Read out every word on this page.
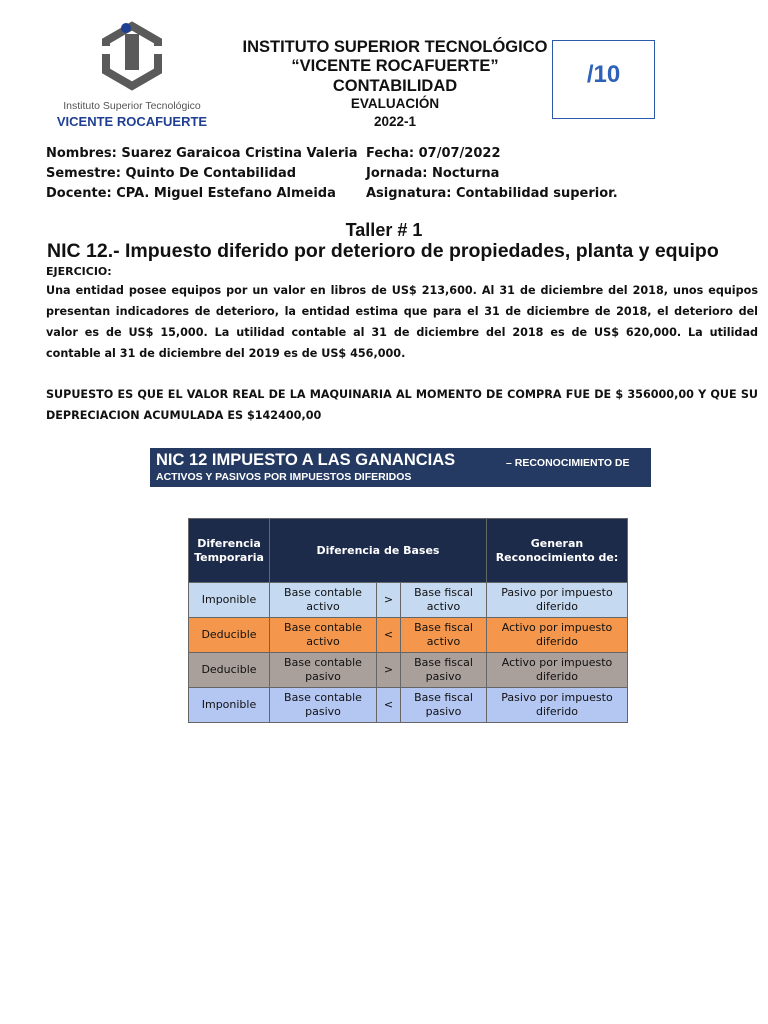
Instituto Superior Tecnológico
VICENTE ROCAFUERTE
INSTITUTO SUPERIOR TECNOLÓGICO
“VICENTE ROCAFUERTE”
CONTABILIDAD
EVALUACIÓN
2022-1
/10
Nombres: Suarez Garaicoa Cristina Valeria
Semestre: Quinto De Contabilidad
Docente: CPA. Miguel Estefano Almeida
Fecha: 07/07/2022
Jornada: Nocturna
Asignatura: Contabilidad superior.
Taller # 1
NIC 12.- Impuesto diferido por deterioro de propiedades, planta y equipo
EJERCICIO:
Una entidad posee equipos por un valor en libros de US$ 213,600. Al 31 de diciembre del 2018, unos equipos presentan indicadores de deterioro, la entidad estima que para el 31 de diciembre de 2018, el deterioro del valor es de US$ 15,000. La utilidad contable al 31 de diciembre del 2018 es de US$ 620,000. La utilidad contable al 31 de diciembre del 2019 es de US$ 456,000.
SUPUESTO ES QUE EL VALOR REAL DE LA MAQUINARIA AL MOMENTO DE COMPRA FUE DE $ 356000,00 Y QUE SU DEPRECIACION ACUMULADA ES $142400,00
NIC 12 IMPUESTO A LAS GANANCIAS	– RECONOCIMIENTO DE
ACTIVOS Y PASIVOS POR IMPUESTOS DIFERIDOS
Diferencia Temporaria	Diferencia de Bases			Generan Reconocimiento de:
Imponible	Base contable activo	>	Base fiscal activo	Pasivo por impuesto diferido
Deducible	Base contable activo	<	Base fiscal activo	Activo por impuesto diferido
Deducible	Base contable pasivo	>	Base fiscal pasivo	Activo por impuesto diferido
Imponible	Base contable pasivo	<	Base fiscal pasivo	Pasivo por impuesto diferido
